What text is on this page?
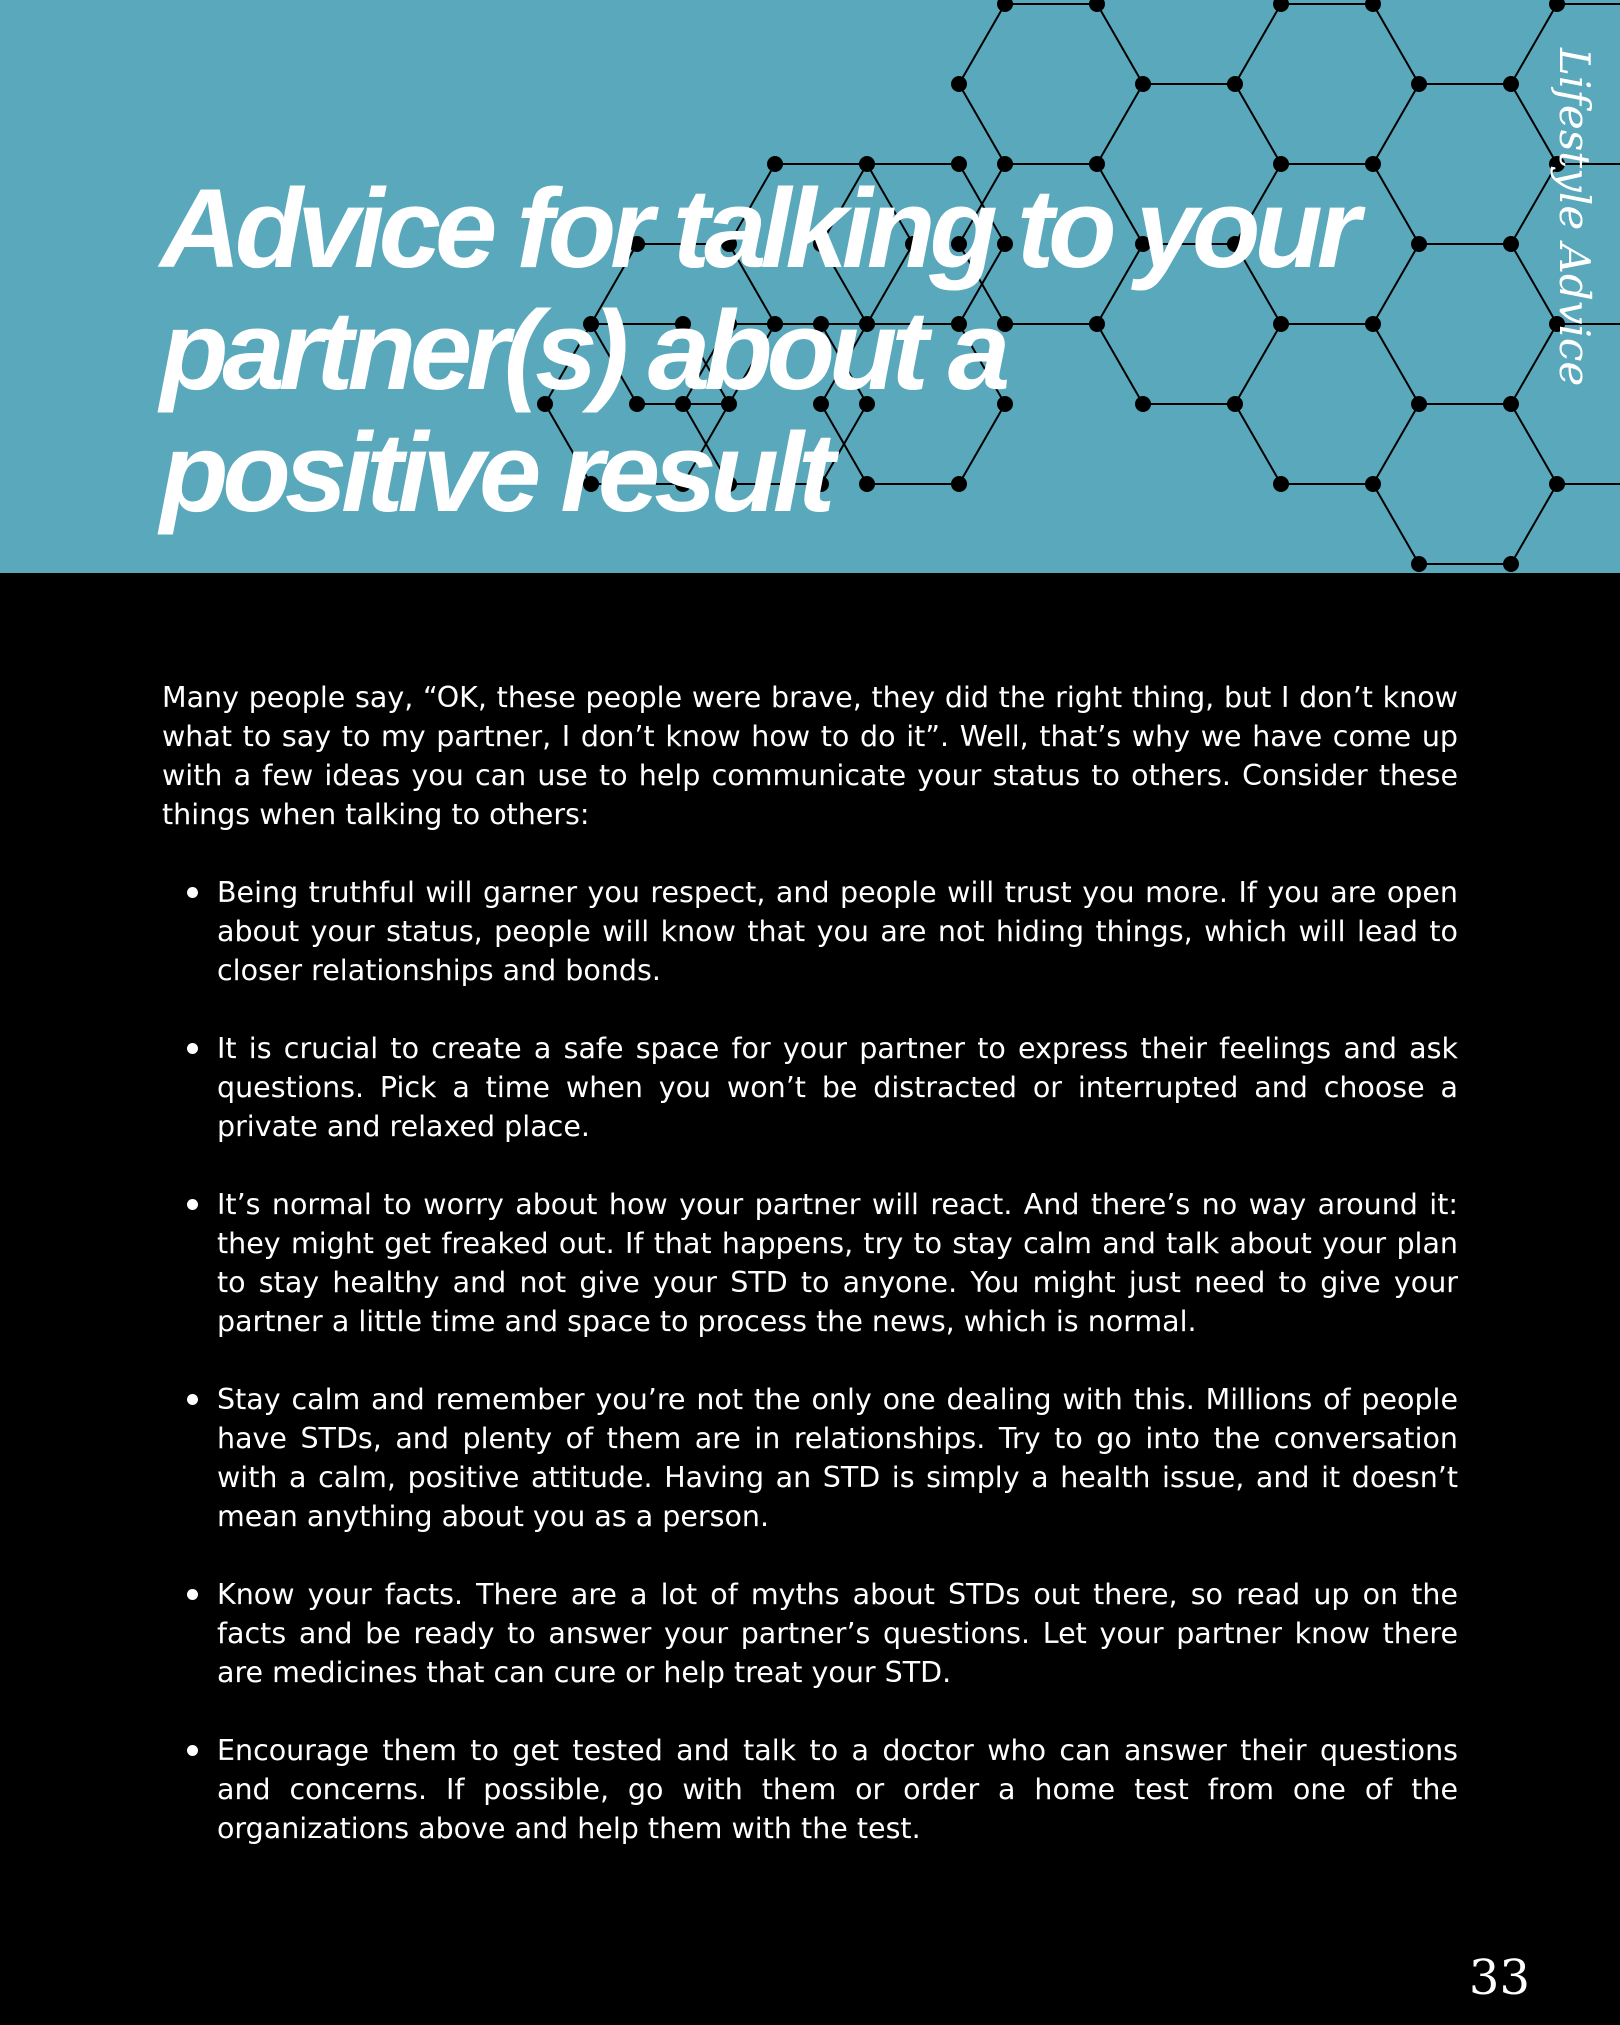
Advice for talking to your
partner(s) about a
positive result
Lifestyle Advice

Many people say, “OK, these people were brave, they did the right thing, but I don’t know what to say to my partner, I don’t know how to do it”. Well, that’s why we have come up with a few ideas you can use to help communicate your status to others. Consider these things when talking to others:

Being truthful will garner you respect, and people will trust you more. If you are open about your status, people will know that you are not hiding things, which will lead to closer relationships and bonds.
It is crucial to create a safe space for your partner to express their feelings and ask questions. Pick a time when you won’t be distracted or interrupted and choose a private and relaxed place.
It’s normal to worry about how your partner will react. And there’s no way around it: they might get freaked out. If that happens, try to stay calm and talk about your plan to stay healthy and not give your STD to anyone. You might just need to give your partner a little time and space to process the news, which is normal.
Stay calm and remember you’re not the only one dealing with this. Millions of people have STDs, and plenty of them are in relationships. Try to go into the conversation with a calm, positive attitude. Having an STD is simply a health issue, and it doesn’t mean anything about you as a person.
Know your facts. There are a lot of myths about STDs out there, so read up on the facts and be ready to answer your partner’s questions. Let your partner know there are medicines that can cure or help treat your STD.
Encourage them to get tested and talk to a doctor who can answer their questions and concerns. If possible, go with them or order a home test from one of the organizations above and help them with the test.
33
